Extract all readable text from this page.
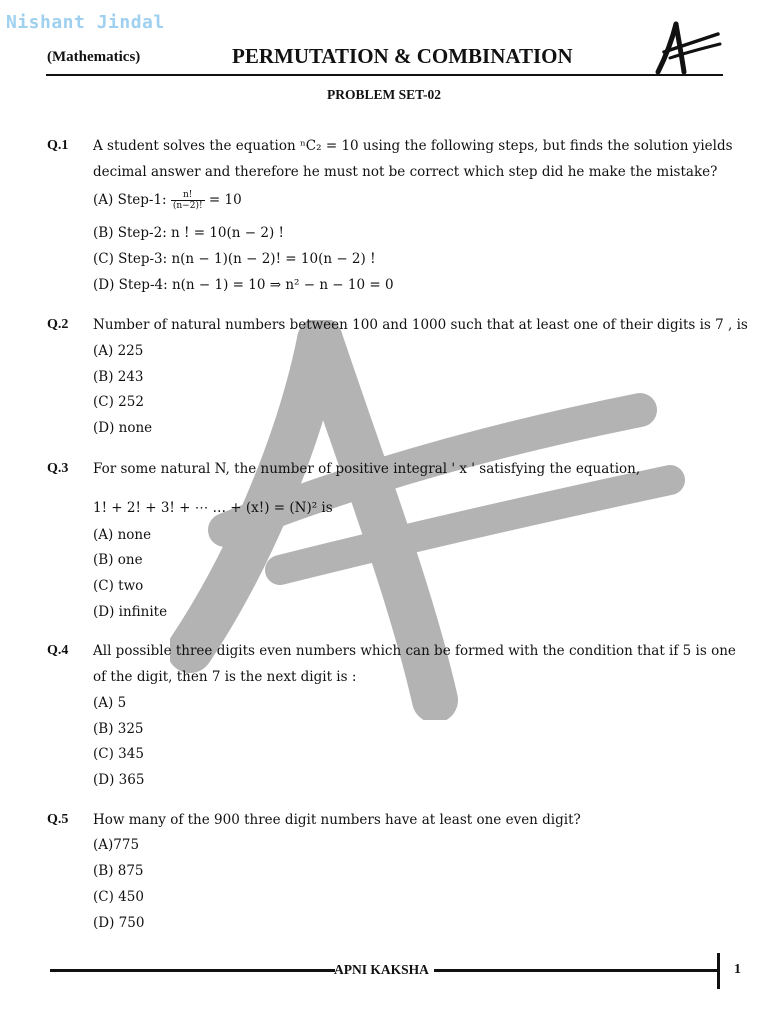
Nishant Jindal
(Mathematics)	PERMUTATION & COMBINATION
PROBLEM SET-02
Q.1 A student solves the equation ⁿC₂ = 10 using the following steps, but finds the solution yields
decimal answer and therefore he must not be correct which step did he make the mistake?
(A) Step-1: $\frac{n!}{(n-2)!} = 10$
(B) Step-2: n ! = 10(n − 2) !
(C) Step-3: n(n − 1)(n − 2)! = 10(n − 2) !
(D) Step-4: n(n − 1) = 10 ⇒ n² − n − 10 = 0
Q.2 Number of natural numbers between 100 and 1000 such that at least one of their digits is 7 , is
(A) 225
(B) 243
(C) 252
(D) none
Q.3 For some natural N, the number of positive integral ' x ' satisfying the equation,
1! + 2! + 3! + ⋯ … + (x!) = (N)² is
(A) none
(B) one
(C) two
(D) infinite
Q.4 All possible three digits even numbers which can be formed with the condition that if 5 is one
of the digit, then 7 is the next digit is :
(A) 5
(B) 325
(C) 345
(D) 365
Q.5 How many of the 900 three digit numbers have at least one even digit?
(A)775
(B) 875
(C) 450
(D) 750
APNI KAKSHA	1
